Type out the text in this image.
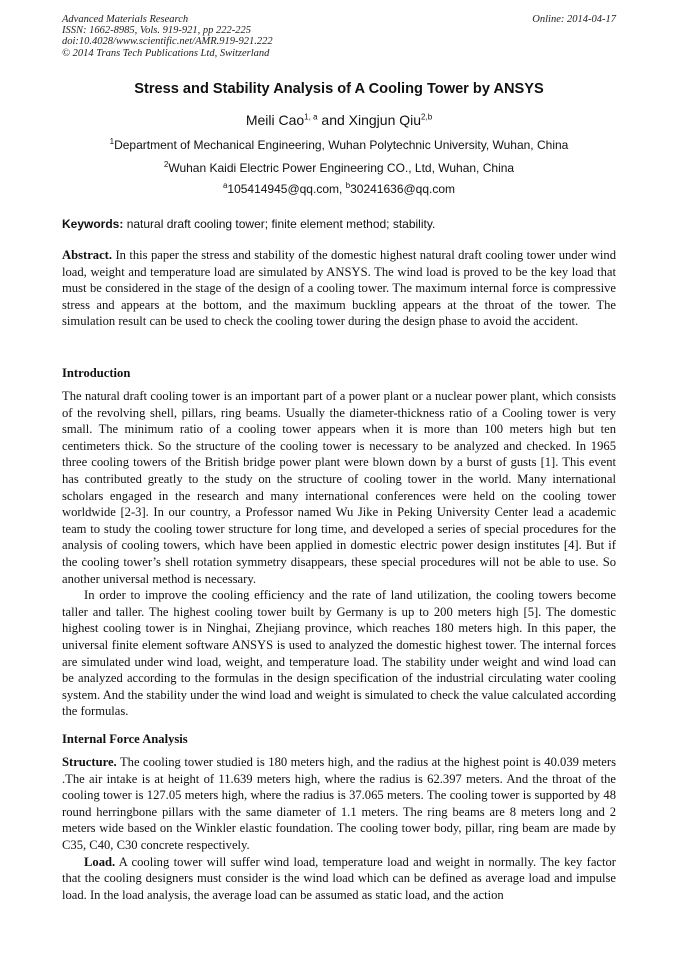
Advanced Materials Research
ISSN: 1662-8985, Vols. 919-921, pp 222-225
doi:10.4028/www.scientific.net/AMR.919-921.222
© 2014 Trans Tech Publications Ltd, Switzerland
Online: 2014-04-17
Stress and Stability Analysis of A Cooling Tower by ANSYS
Meili Cao$^{1, a}$ and Xingjun Qiu$^{2,b}$
$^1$Department of Mechanical Engineering, Wuhan Polytechnic University, Wuhan, China
$^2$Wuhan Kaidi Electric Power Engineering CO., Ltd, Wuhan, China
$^a$105414945@qq.com, $^b$30241636@qq.com
Keywords: natural draft cooling tower; finite element method; stability.

Abstract. In this paper the stress and stability of the domestic highest natural draft cooling tower under wind load, weight and temperature load are simulated by ANSYS. The wind load is proved to be the key load that must be considered in the stage of the design of a cooling tower. The maximum internal force is compressive stress and appears at the bottom, and the maximum buckling appears at the throat of the tower. The simulation result can be used to check the cooling tower during the design phase to avoid the accident.

Introduction

The natural draft cooling tower is an important part of a power plant or a nuclear power plant, which consists of the revolving shell, pillars, ring beams. Usually the diameter-thickness ratio of a Cooling tower is very small. The minimum ratio of a cooling tower appears when it is more than 100 meters high but ten centimeters thick. So the structure of the cooling tower is necessary to be analyzed and checked. In 1965 three cooling towers of the British bridge power plant were blown down by a burst of gusts [1]. This event has contributed greatly to the study on the structure of cooling tower in the world. Many international scholars engaged in the research and many international conferences were held on the cooling tower worldwide [2-3]. In our country, a Professor named Wu Jike in Peking University Center lead a academic team to study the cooling tower structure for long time, and developed a series of special procedures for the analysis of cooling towers, which have been applied in domestic electric power design institutes [4]. But if the cooling tower’s shell rotation symmetry disappears, these special procedures will not be able to use. So another universal method is necessary.

In order to improve the cooling efficiency and the rate of land utilization, the cooling towers become taller and taller. The highest cooling tower built by Germany is up to 200 meters high [5]. The domestic highest cooling tower is in Ninghai, Zhejiang province, which reaches 180 meters high. In this paper, the universal finite element software ANSYS is used to analyzed the domestic highest tower. The internal forces are simulated under wind load, weight, and temperature load. The stability under weight and wind load can be analyzed according to the formulas in the design specification of the industrial circulating water cooling system. And the stability under the wind load and weight is simulated to check the value calculated according the formulas.

Internal Force Analysis

Structure. The cooling tower studied is 180 meters high, and the radius at the highest point is 40.039 meters .The air intake is at height of 11.639 meters high, where the radius is 62.397 meters. And the throat of the cooling tower is 127.05 meters high, where the radius is 37.065 meters. The cooling tower is supported by 48 round herringbone pillars with the same diameter of 1.1 meters. The ring beams are 8 meters long and 2 meters wide based on the Winkler elastic foundation. The cooling tower body, pillar, ring beam are made by C35, C40, C30 concrete respectively.

Load. A cooling tower will suffer wind load, temperature load and weight in normally. The key factor that the cooling designers must consider is the wind load which can be defined as average load and impulse load. In the load analysis, the average load can be assumed as static load, and the action
